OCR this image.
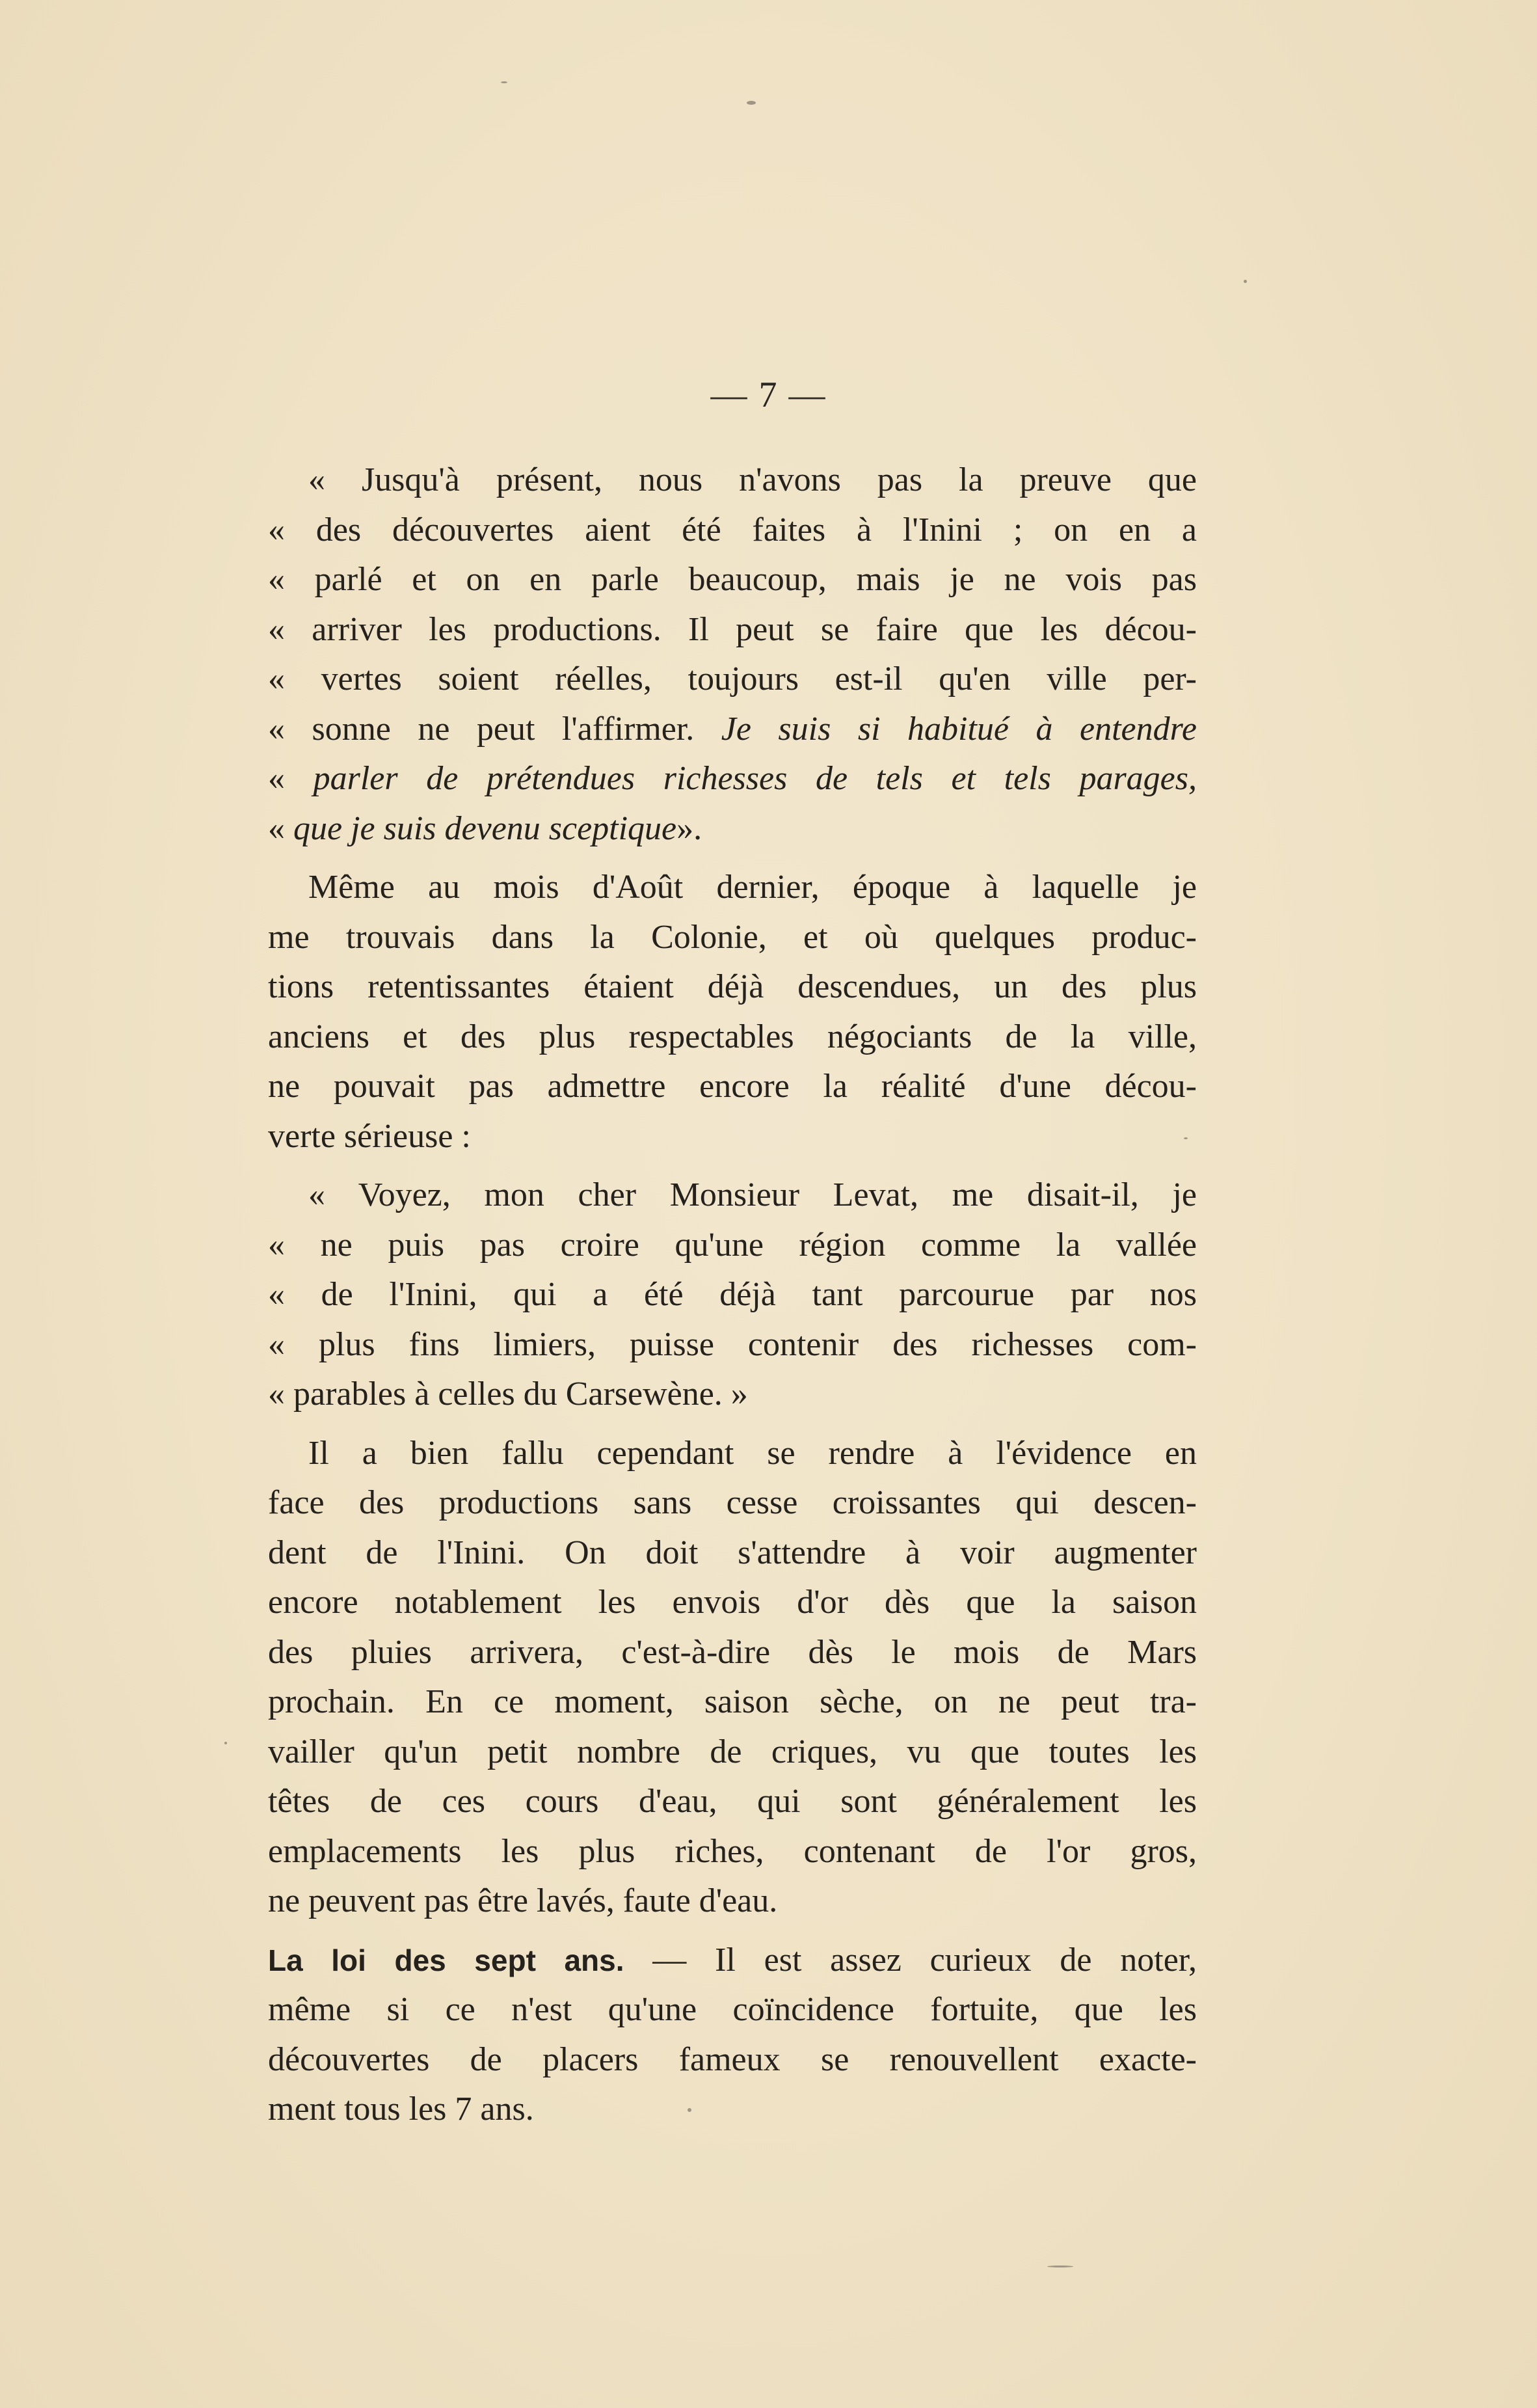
— 7 —
« Jusqu'à présent, nous n'avons pas la preuve que
« des découvertes aient été faites à l'Inini ; on en a
« parlé et on en parle beaucoup, mais je ne vois pas
« arriver les productions. Il peut se faire que les décou-
« vertes soient réelles, toujours est-il qu'en ville per-
« sonne ne peut l'affirmer. Je suis si habitué à entendre
« parler de prétendues richesses de tels et tels parages,
« que je suis devenu sceptique».
Même au mois d'Août dernier, époque à laquelle je
me trouvais dans la Colonie, et où quelques produc-
tions retentissantes étaient déjà descendues, un des plus
anciens et des plus respectables négociants de la ville,
ne pouvait pas admettre encore la réalité d'une décou-
verte sérieuse :
« Voyez, mon cher Monsieur Levat, me disait-il, je
« ne puis pas croire qu'une région comme la vallée
« de l'Inini, qui a été déjà tant parcourue par nos
« plus fins limiers, puisse contenir des richesses com-
« parables à celles du Carsewène. »
Il a bien fallu cependant se rendre à l'évidence en
face des productions sans cesse croissantes qui descen-
dent de l'Inini. On doit s'attendre à voir augmenter
encore notablement les envois d'or dès que la saison
des pluies arrivera, c'est-à-dire dès le mois de Mars
prochain. En ce moment, saison sèche, on ne peut tra-
vailler qu'un petit nombre de criques, vu que toutes les
têtes de ces cours d'eau, qui sont généralement les
emplacements les plus riches, contenant de l'or gros,
ne peuvent pas être lavés, faute d'eau.
La loi des sept ans. — Il est assez curieux de noter,
même si ce n'est qu'une coïncidence fortuite, que les
découvertes de placers fameux se renouvellent exacte-
ment tous les 7 ans.
